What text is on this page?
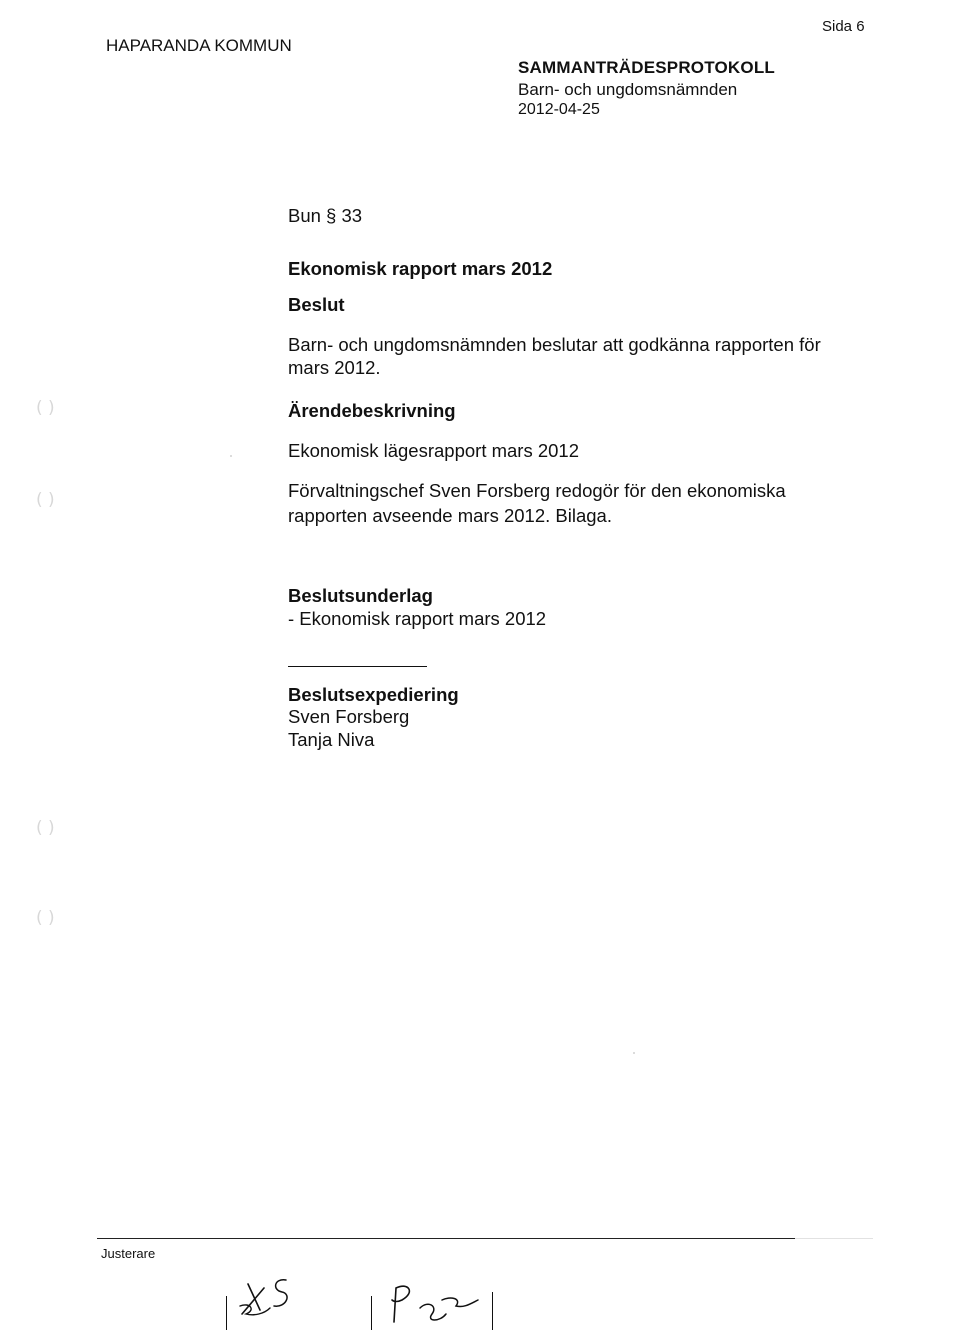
HAPARANDA KOMMUN
Sida 6
SAMMANTRÄDESPROTOKOLL
Barn- och ungdomsnämnden
2012-04-25
Bun § 33
Ekonomisk rapport mars 2012
Beslut
Barn- och ungdomsnämnden beslutar att godkänna rapporten för
mars 2012.
Ärendebeskrivning
Ekonomisk lägesrapport mars 2012
Förvaltningschef Sven Forsberg redogör för den ekonomiska
rapporten avseende mars 2012. Bilaga.
Beslutsunderlag
- Ekonomisk rapport mars 2012
Beslutsexpediering
Sven Forsberg
Tanja Niva
( )
( )
( )
( )
Justerare
